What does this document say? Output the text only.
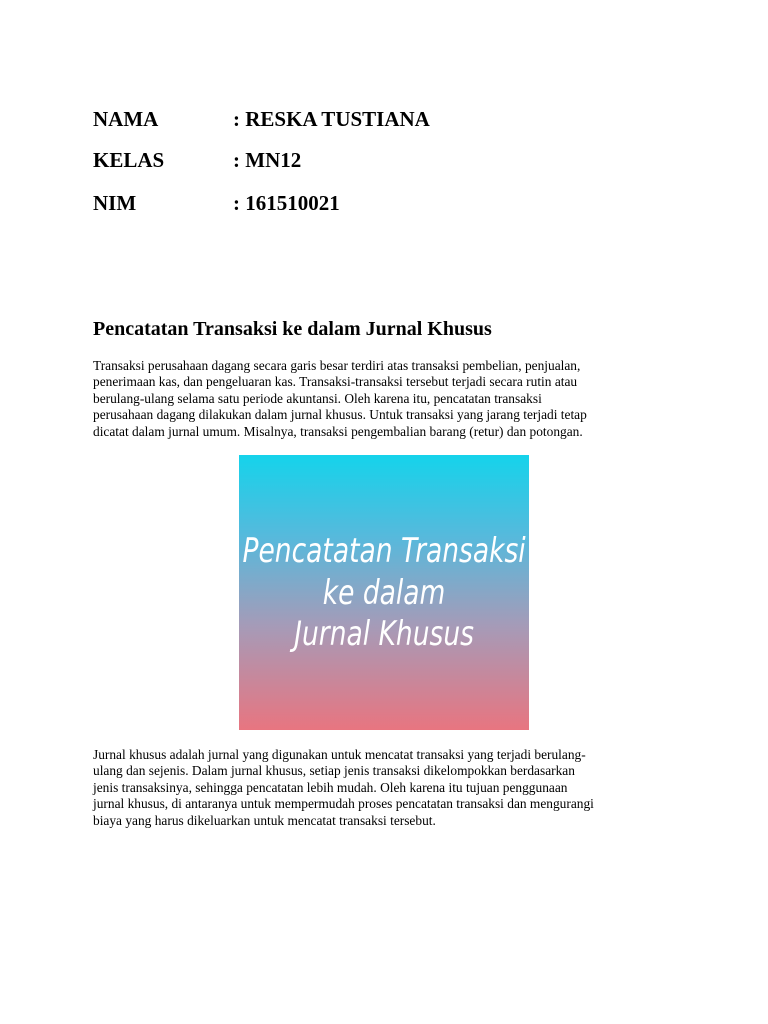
NAMA	: RESKA TUSTIANA
KELAS	: MN12
NIM	: 161510021
Pencatatan Transaksi ke dalam Jurnal Khusus

Transaksi perusahaan dagang secara garis besar terdiri atas transaksi pembelian, penjualan,
penerimaan kas, dan pengeluaran kas. Transaksi-transaksi tersebut terjadi secara rutin atau
berulang-ulang selama satu periode akuntansi. Oleh karena itu, pencatatan transaksi
perusahaan dagang dilakukan dalam jurnal khusus. Untuk transaksi yang jarang terjadi tetap
dicatat dalam jurnal umum. Misalnya, transaksi pengembalian barang (retur) dan potongan.

Pencatatan Transaksi
ke dalam
Jurnal Khusus

Jurnal khusus adalah jurnal yang digunakan untuk mencatat transaksi yang terjadi berulang-
ulang dan sejenis. Dalam jurnal khusus, setiap jenis transaksi dikelompokkan berdasarkan
jenis transaksinya, sehingga pencatatan lebih mudah. Oleh karena itu tujuan penggunaan
jurnal khusus, di antaranya untuk mempermudah proses pencatatan transaksi dan mengurangi
biaya yang harus dikeluarkan untuk mencatat transaksi tersebut.
